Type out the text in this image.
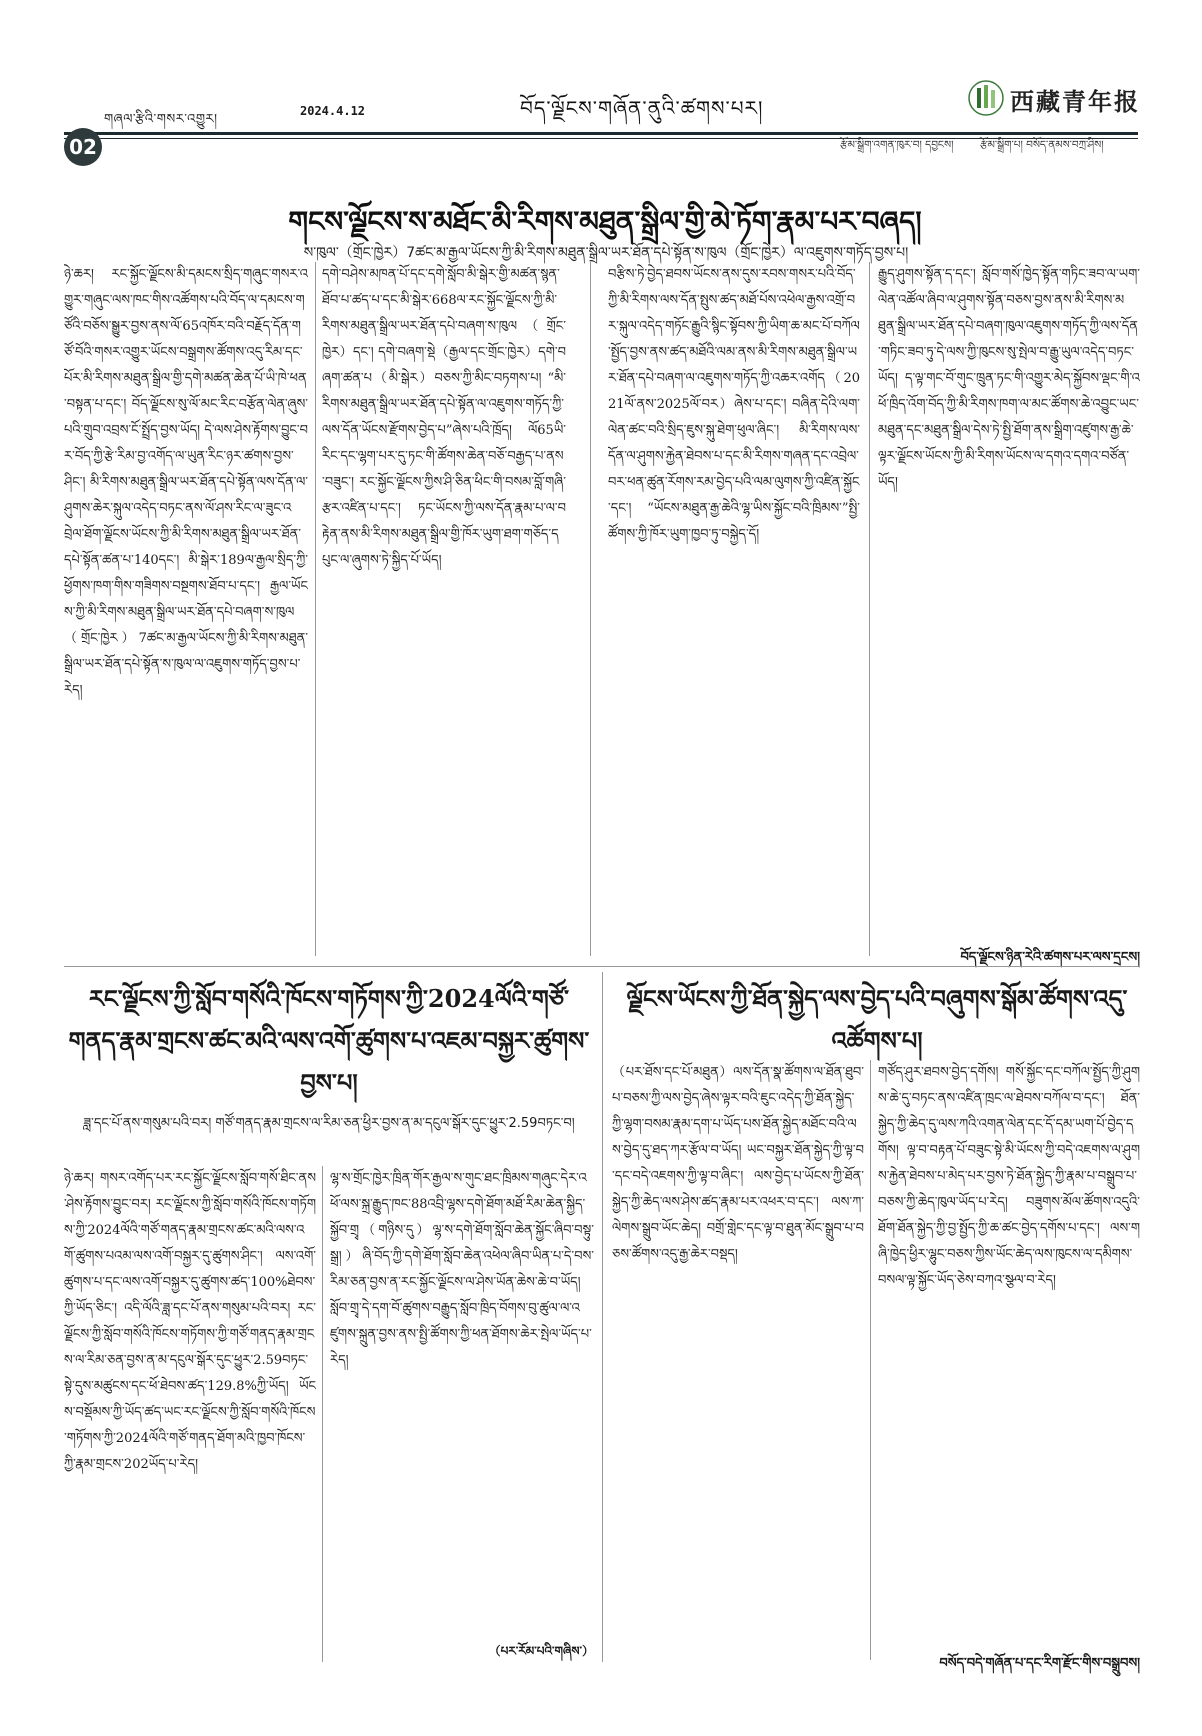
གཞལ་རྩིའི་གསར་འགྱུར།
2024.4.12	བོད་ལྗོངས་གཞོན་ནུའི་ཚགས་པར།	西藏青年报
02	རྩོམ་སྒྲིག་འགན་ཁུར་བ། དབྱངས།	རྩོམ་སྒྲིག་པ། བསོད་ནམས་བཀྲ་ཤིས།
གངས་ལྗོངས་ས་མཐོང་མི་རིགས་མཐུན་སྒྲིལ་གྱི་མེ་ཏོག་རྣམ་པར་བཞད།
ས་ཁུལ་（གྲོང་ཁྱེར）7ཚང་མ་རྒྱལ་ཡོངས་ཀྱི་མི་རིགས་མཐུན་སྒྲིལ་ཡར་ཐོན་དཔེ་སྟོན་ས་ཁུལ（གྲོང་ཁྱེར）ལ་འཇུགས་གཏོད་བྱས་པ།
ཉེ་ཆར། རང་སྐྱོང་ལྗོངས་མི་དམངས་སྲིད་གཞུང་གསར་འགྱུར་གཞུང་ལས་ཁང་གིས་འཚོགས་པའི་བོད་ལ་དམངས་གཙོའི་བཅོས་སྒྱུར་བྱས་ནས་ལོ་65འཁོར་བའི་བརྗོད་དོན་གཙོ་བོའི་གསར་འགྱུར་ཡོངས་བསྒྲགས་ཚོགས་འདུ་རིམ་དང་པོར་མི་རིགས་མཐུན་སྒྲིལ་གྱི་དགེ་མཚན་ཆེན་པོ་ཡི་ཁེ་ཕན་བསྟན་པ་དང་། བོད་ལྗོངས་སུ་ལོ་མང་རིང་བརྩོན་ལེན་ཞུས་པའི་གྲུབ་འབྲས་ངོ་སྤྲོད་བྱས་ཡོད། དེ་ལས་ཤེས་རྟོགས་བྱུང་བར་བོད་ཀྱི་རྩེ་རིམ་བྱ་འགོད་ལ་ཡུན་རིང་ཉར་ཚགས་བྱས་ཤིང་། མི་རིགས་མཐུན་སྒྲིལ་ཡར་ཐོན་དཔེ་སྟོན་ལས་དོན་ལ་ཤུགས་ཆེར་སྐུལ་འདེད་བཏང་ནས་ལོ་ཤས་རིང་ལ་ཟུང་འབྲེལ་ཐོག་ལྗོངས་ཡོངས་ཀྱི་མི་རིགས་མཐུན་སྒྲིལ་ཡར་ཐོན་དཔེ་སྟོན་ཚན་པ་140དང་། མི་སྒེར་189ལ་རྒྱལ་སྲིད་ཀྱི་ཕྱོགས་ཁག་གིས་གཟིགས་བསྔགས་ཐོབ་པ་དང་། རྒྱལ་ཡོངས་ཀྱི་མི་རིགས་མཐུན་སྒྲིལ་ཡར་ཐོན་དཔེ་བཞག་ས་ཁུལ（གྲོང་ཁྱེར）7ཚང་མ་རྒྱལ་ཡོངས་ཀྱི་མི་རིགས་མཐུན་སྒྲིལ་ཡར་ཐོན་དཔེ་སྟོན་ས་ཁུལ་ལ་འཇུགས་གཏོད་བྱས་པ་རེད།
དགེ་བཤེས་མཁན་པོ་དང་དགེ་སློབ་མི་སྒེར་གྱི་མཚན་སྙན་ཐོབ་པ་ཚད་པ་དང་མི་སྒེར་668ལ་རང་སྐྱོང་ལྗོངས་ཀྱི་མི་རིགས་མཐུན་སྒྲིལ་ཡར་ཐོན་དཔེ་བཞག་ས་ཁུལ（གྲོང་ཁྱེར）དང་། དགེ་བཞག་སྡེ（རྒྱལ་དང་གྲོང་ཁྱེར）དགེ་བཞག་ཚན་པ（མི་སྒེར）བཅས་ཀྱི་མིང་བཏགས་པ། “མི་རིགས་མཐུན་སྒྲིལ་ཡར་ཐོན་དཔེ་སྟོན་ལ་འཇུགས་གཏོད་ཀྱི་ལས་དོན་ཡོངས་རྫོགས་བྱེད་པ”ཞེས་པའི་ཁྲོད། ལོ65ཡི་རིང་དང་ལྷག་པར་དུ་ཏང་གི་ཚོགས་ཆེན་བཅོ་བརྒྱད་པ་ནས་བཟུང་། རང་སྐྱོང་ལྗོངས་ཀྱིས་ཤི་ཅིན་ཕིང་གི་བསམ་བློ་གཞི་རྩར་འཛིན་པ་དང་། ཏང་ཡོངས་ཀྱི་ལས་དོན་རྣམ་པ་ལ་བརྟེན་ནས་མི་རིགས་མཐུན་སྒྲིལ་གྱི་ཁོར་ཡུག་ཐག་གཅོད་དཔུང་ལ་ཞུགས་ཏེ་སྐྱིད་པོ་ཡོད།
བརྩིས་ཏེ་བྱེད་ཐབས་ཡོངས་ནས་དུས་རབས་གསར་པའི་བོད་ཀྱི་མི་རིགས་ལས་དོན་སྤུས་ཚད་མཐོ་པོས་འཕེལ་རྒྱས་འགྲོ་བར་སྐུལ་འདེད་གཏོང་རྒྱུའི་སྙིང་སྟོབས་ཀྱི་ཡིག་ཆ་མང་པོ་བཀོལ་སྤྱོད་བྱས་ནས་ཚད་མཐོའི་ལམ་ནས་མི་རིགས་མཐུན་སྒྲིལ་ཡར་ཐོན་དཔེ་བཞག་ལ་འཇུགས་གཏོད་ཀྱི་འཆར་འགོད（2021ལོ་ནས་2025ལོ་བར）ཞེས་པ་དང་། བཞིན་དེའི་ལག་ལེན་ཚང་བའི་སྲིད་ཇུས་སྐུ་ཐེག་ཕུལ་ཞིང་། མི་རིགས་ལས་དོན་ལ་ཤུགས་རྐྱེན་ཐེབས་པ་དང་མི་རིགས་གཞན་དང་འབྲེལ་བར་ཕན་ཚུན་རོགས་རམ་བྱེད་པའི་ལམ་ལུགས་ཀྱི་འཛིན་སྐྱོང་དང་། “ཡོངས་མཐུན་རྒྱ་ཆེའི་ལྷ་ཡིས་སྐྱོང་བའི་ཁྲིམས་”སྤྱི་ཚོགས་ཀྱི་ཁོར་ཡུག་ཁྱབ་ཏུ་བསྐྱེད་དོ།
རྒྱུད་ཤུགས་སྟོན་ད་དང་། སློབ་གསོ་ཁྱེད་སྟོན་གཏིང་ཟབ་ལ་ཡག་ལེན་འཚོལ་ཞིབ་ལ་ཤུགས་སྟོན་བཅས་བྱས་ནས་མི་རིགས་མཐུན་སྒྲིལ་ཡར་ཐོན་དཔེ་བཞག་ཁུལ་འཇུགས་གཏོད་ཀྱི་ལས་དོན་གཏིང་ཟབ་ཏུ་དེ་ལས་ཀྱི་ཁུངས་སུ་སྤེལ་བ་རྒྱུ་ཡུལ་འདེད་བཏང་ཡོད། ད་ལྟ་གང་བོ་གུང་ཁྲུན་ཏང་གི་འགྱུར་མེད་སྐྱོབས་ལྡང་གི་འཕོ་ཁྲིད་འོག་བོད་ཀྱི་མི་རིགས་ཁག་ལ་མང་ཚོགས་ཆེ་འབྱུང་ཡང་མཐུན་དང་མཐུན་སྒྲིལ་དེས་ཏེ་སྤྱི་ཐོག་ནས་སྒྲིག་འཛུགས་རྒྱ་ཆེ་ལྟར་ལྗོངས་ཡོངས་ཀྱི་མི་རིགས་ཡོངས་ལ་དགའ་དགའ་བཙོན་ཡོད།
བོད་ལྗོངས་ཉིན་རེའི་ཚགས་པར་ལས་དྲངས།
རང་ལྗོངས་ཀྱི་སློབ་གསོའི་ཁོངས་གཏོགས་ཀྱི་2024ལོའི་གཙོ་གནད་རྣམ་གྲངས་ཚང་མའི་ལས་འགོ་ཚུགས་པ་འཇམ་བསྐྱར་ཚུགས་བྱས་པ།
ཟླ་དང་པོ་ནས་གསུམ་པའི་བར། གཙོ་གནད་རྣམ་གྲངས་ལ་རིམ་ཅན་ཕྱིར་བྱས་ན་མ་དངུལ་སྒོར་དུང་ཕྱུར་2.59བཏང་བ།
ཉེ་ཆར། གསར་འགོད་པར་རང་སྐྱོང་ལྗོངས་སློབ་གསོ་ཐིང་ནས་ཤེས་རྟོགས་བྱུང་བར། རང་ལྗོངས་ཀྱི་སློབ་གསོའི་ཁོངས་གཏོགས་ཀྱི་2024ལོའི་གཙོ་གནད་རྣམ་གྲངས་ཚང་མའི་ལས་འགོ་ཚུགས་པའམ་ལས་འགོ་བསྐྱར་དུ་ཚུགས་ཤིང་། ལས་འགོ་ཚུགས་པ་དང་ལས་འགོ་བསྐྱར་དུ་ཚུགས་ཚད་100%ཐེབས་ཀྱི་ཡོད་ཅིང་། འདི་ལོའི་ཟླ་དང་པོ་ནས་གསུམ་པའི་བར། རང་ལྗོངས་ཀྱི་སློབ་གསོའི་ཁོངས་གཏོགས་ཀྱི་གཙོ་གནད་རྣམ་གྲངས་ལ་རིམ་ཅན་བྱས་ན་མ་དངུལ་སྒོར་དུང་ཕྱུར་2.59བཏང་སྟེ་དུས་མཚུངས་དང་ཕོ་ཐེབས་ཚད་129.8%ཀྱི་ཡོད། ཡོངས་བསྡོམས་ཀྱི་ཡོད་ཚད་ཡང་རང་ལྗོངས་ཀྱི་སློབ་གསོའི་ཁོངས་གཏོགས་ཀྱི་2024ལོའི་གཙོ་གནད་ཐོག་མའི་ཁྱབ་ཁོངས་ཀྱི་རྣམ་གྲངས་202ཡོད་པ་རེད།
ལྷ་ས་གྲོང་ཁྱེར་ཁྲིན་གོར་རྒྱལ་ས་གུང་ཐང་ཁྲིམས་གཞུང་དེར་འཕོ་ལས་སྐྲ་རྒྱུད་ཁང་88འབྲི་ལྷས་དགེ་ཐོག་མཐོ་རིམ་ཆེན་སྐྱིད་སྐྱོབ་གྲྭ（གཉིས་དུ）ལྷ་ས་དགེ་ཐོག་སློབ་ཆེན་སྐྱོང་ཞིབ་བསྟུ་སྒྲ།）ཞི་བོད་ཀྱི་དགེ་ཐོག་སློབ་ཆེན་འཕེལ་ཞིབ་ཡིན་པ་དེ་བས་རིམ་ཅན་བྱས་ན་རང་སྐྱོང་ལྗོངས་ལ་ཤེས་ཡོན་ཆེས་ཆེ་བ་ཡོད། སློབ་གྲྭ་དེ་དག་བོ་ཚུགས་བརྒྱུད་སློབ་ཁྲིད་བོགས་བུ་ཚུལ་ལ་འཛུགས་སྐྲུན་བྱས་ནས་སྤྱི་ཚོགས་ཀྱི་ཕན་ཐོགས་ཆེར་སྤེལ་ཡོད་པ་རེད།
（པར་རོམ་པའི་གཞིས་）
ལྗོངས་ཡོངས་ཀྱི་ཐོན་སྐྱེད་ལས་བྱེད་པའི་བཞུགས་སྒོམ་ཚོགས་འདུ་འཚོགས་པ།
（པར་ཐོས་དང་པོ་མཐུན）ལས་དོན་སྣ་ཚོགས་ལ་ཐོན་ཐུབ་པ་བཅས་ཀྱི་ལས་བྱེད་ཞེས་ལྟར་བའི་ཇུང་འདེད་ཀྱི་ཐོན་སྐྱེད་ཀྱི་ལྷག་བསམ་རྣམ་དག་པ་ཡོད་པས་ཐོན་སྐྱེད་མཐོང་བའི་ལས་བྱེད་དུ་ཐད་ཀར་རྩོལ་བ་ཡོད། ཡང་བསྐྱར་ཐོན་སྐྱེད་ཀྱི་ལྟ་བ་དང་བདེ་འཇགས་ཀྱི་ལྟ་བ་ཞིང་། ལས་བྱེད་པ་ཡོངས་ཀྱི་ཐོན་སྐྱེད་ཀྱི་ཆེད་ལས་ཤེས་ཚད་རྣམ་པར་འཕར་བ་དང་། ལས་ཀ་ལེགས་སྒྲུབ་ཡོང་ཆེད། བགྲོ་གླེང་དང་ལྟ་བ་ཐུན་མོང་སྒྲུབ་པ་བཅས་ཚོགས་འདུ་རྒྱ་ཆེར་བསྡད།
གཙོད་ཤུར་ཐབས་བྱེད་དགོས། གསོ་སྐྱོང་དང་བཀོལ་སྤྱོད་ཀྱི་ཤུགས་ཆེ་དུ་བཏང་ནས་འཛིན་ཁྲང་ལ་ཐེབས་བཀོལ་བ་དང་། ཐོན་སྐྱེད་ཀྱི་ཆེད་དུ་ལས་ཀའི་འགན་ལེན་དང་དོ་དམ་ཡག་པོ་བྱེད་དགོས། ལྟ་བ་བརྟན་པོ་བཟུང་སྟེ་མི་ཡོངས་ཀྱི་བདེ་འཇགས་ལ་ཤུགས་རྐྱེན་ཐེབས་པ་མེད་པར་བྱས་ཏེ་ཐོན་སྐྱེད་ཀྱི་རྣམ་པ་བསྒྲུབ་པ་བཅས་ཀྱི་ཆེད་ཁུལ་ཡོད་པ་རེད། བཟུགས་མོལ་ཚོགས་འདུའི་ཐོག་ཐོན་སྐྱེད་ཀྱི་བྱ་སྤྱོད་ཀྱི་ཆ་ཚང་བྱེད་དགོས་པ་དང་། ལས་གཞི་ཁྱེད་ཕྱིར་ལྷུང་བཅས་ཀྱིས་ཡོང་ཆེད་ལས་ཁུངས་ལ་དམིགས་བསལ་ལྟ་སྐྱོང་ཡོད་ཅེས་བཀའ་སྩལ་བ་རེད།
བསོད་བདེ་གཞོན་པ་དང་རིག་རྫོང་གིས་བསྒྲུབས།
